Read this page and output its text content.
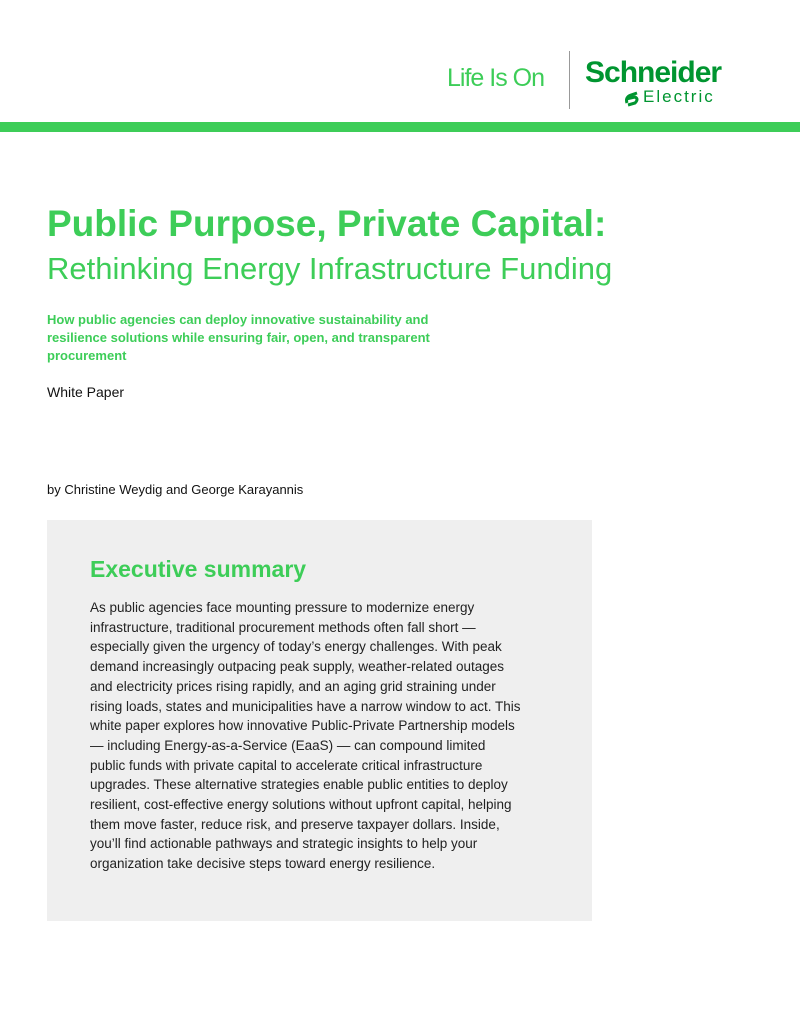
Life Is On Schneider
Electric
Public Purpose, Private Capital:
Rethinking Energy Infrastructure Funding
How public agencies can deploy innovative sustainability and resilience solutions while ensuring fair, open, and transparent procurement
White Paper
by Christine Weydig and George Karayannis
Executive summary
As public agencies face mounting pressure to modernize energy
infrastructure, traditional procurement methods often fall short —
especially given the urgency of today’s energy challenges. With peak
demand increasingly outpacing peak supply, weather-related outages
and electricity prices rising rapidly, and an aging grid straining under
rising loads, states and municipalities have a narrow window to act. This
white paper explores how innovative Public-Private Partnership models
— including Energy-as-a-Service (EaaS) — can compound limited
public funds with private capital to accelerate critical infrastructure
upgrades. These alternative strategies enable public entities to deploy
resilient, cost-effective energy solutions without upfront capital, helping
them move faster, reduce risk, and preserve taxpayer dollars. Inside,
you’ll find actionable pathways and strategic insights to help your
organization take decisive steps toward energy resilience.
